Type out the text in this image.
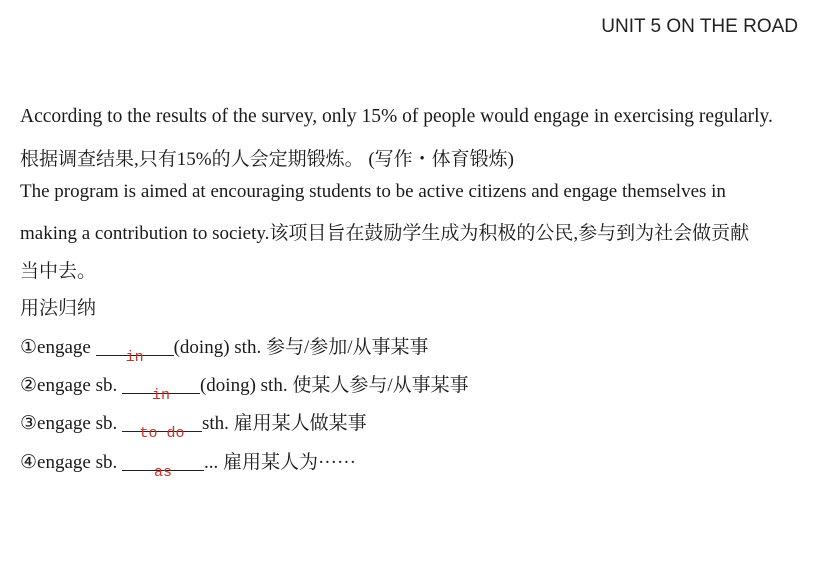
UNIT 5 ON THE ROAD
According to the results of the survey, only 15% of people would engage in exercising regularly.
根据调查结果,只有15%的人会定期锻炼。 (写作・体育锻炼)
The program is aimed at encouraging students to be active citizens and engage themselves in
making a contribution to society.该项目旨在鼓励学生成为积极的公民,参与到为社会做贡献
当中去。
用法归纳
①engage $_{in}$ (doing) sth. 参与/参加/从事某事
②engage sb. $_{in}$ (doing) sth. 使某人参与/从事某事
③engage sb. $_{to do}$ sth. 雇用某人做某事
④engage sb. $_{as}$ ... 雇用某人为······
